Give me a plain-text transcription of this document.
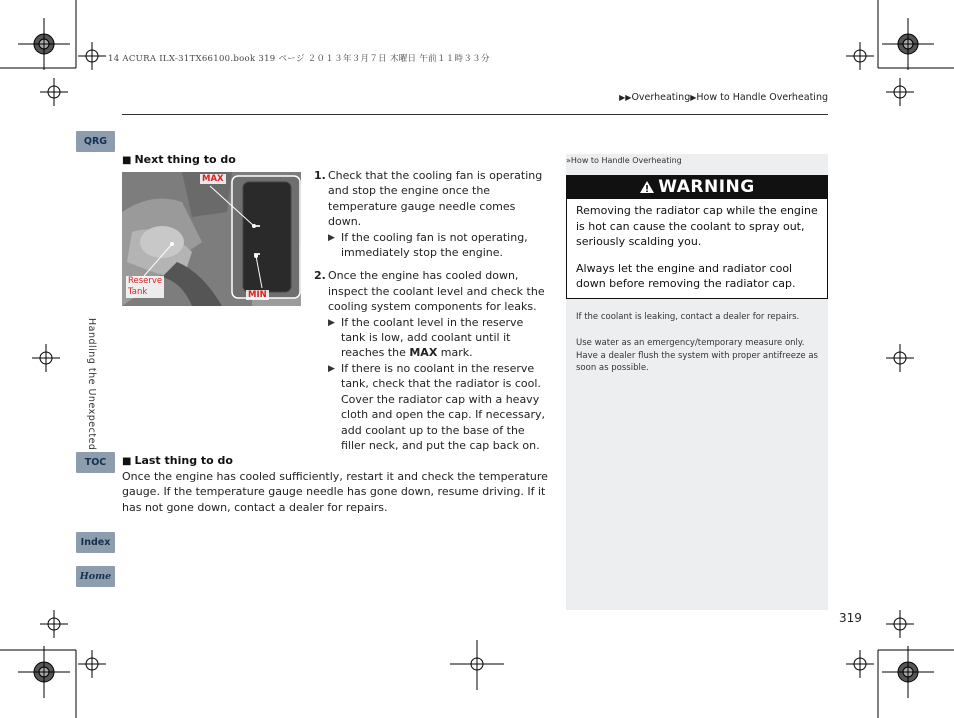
14 ACURA ILX-31TX66100.book 319 ページ ２０１３年３月７日 木曜日 午前１１時３３分
▶▶Overheating▶How to Handle Overheating
QRG
TOC
Index
Home
Handling the Unexpected
■ Next thing to do
MAX
Reserve
Tank	MIN
1. Check that the cooling fan is operating and stop the engine once the temperature gauge needle comes down.
▶ If the cooling fan is not operating, immediately stop the engine.
2. Once the engine has cooled down, inspect the coolant level and check the cooling system components for leaks.
▶ If the coolant level in the reserve tank is low, add coolant until it reaches the MAX mark.
▶ If there is no coolant in the reserve tank, check that the radiator is cool. Cover the radiator cap with a heavy cloth and open the cap. If necessary, add coolant up to the base of the filler neck, and put the cap back on.
■ Last thing to do
Once the engine has cooled sufficiently, restart it and check the temperature gauge. If the temperature gauge needle has gone down, resume driving. If it has not gone down, contact a dealer for repairs.
»How to Handle Overheating
WARNING
Removing the radiator cap while the engine is hot can cause the coolant to spray out, seriously scalding you.
Always let the engine and radiator cool down before removing the radiator cap.
If the coolant is leaking, contact a dealer for repairs.
Use water as an emergency/temporary measure only. Have a dealer flush the system with proper antifreeze as soon as possible.
319
